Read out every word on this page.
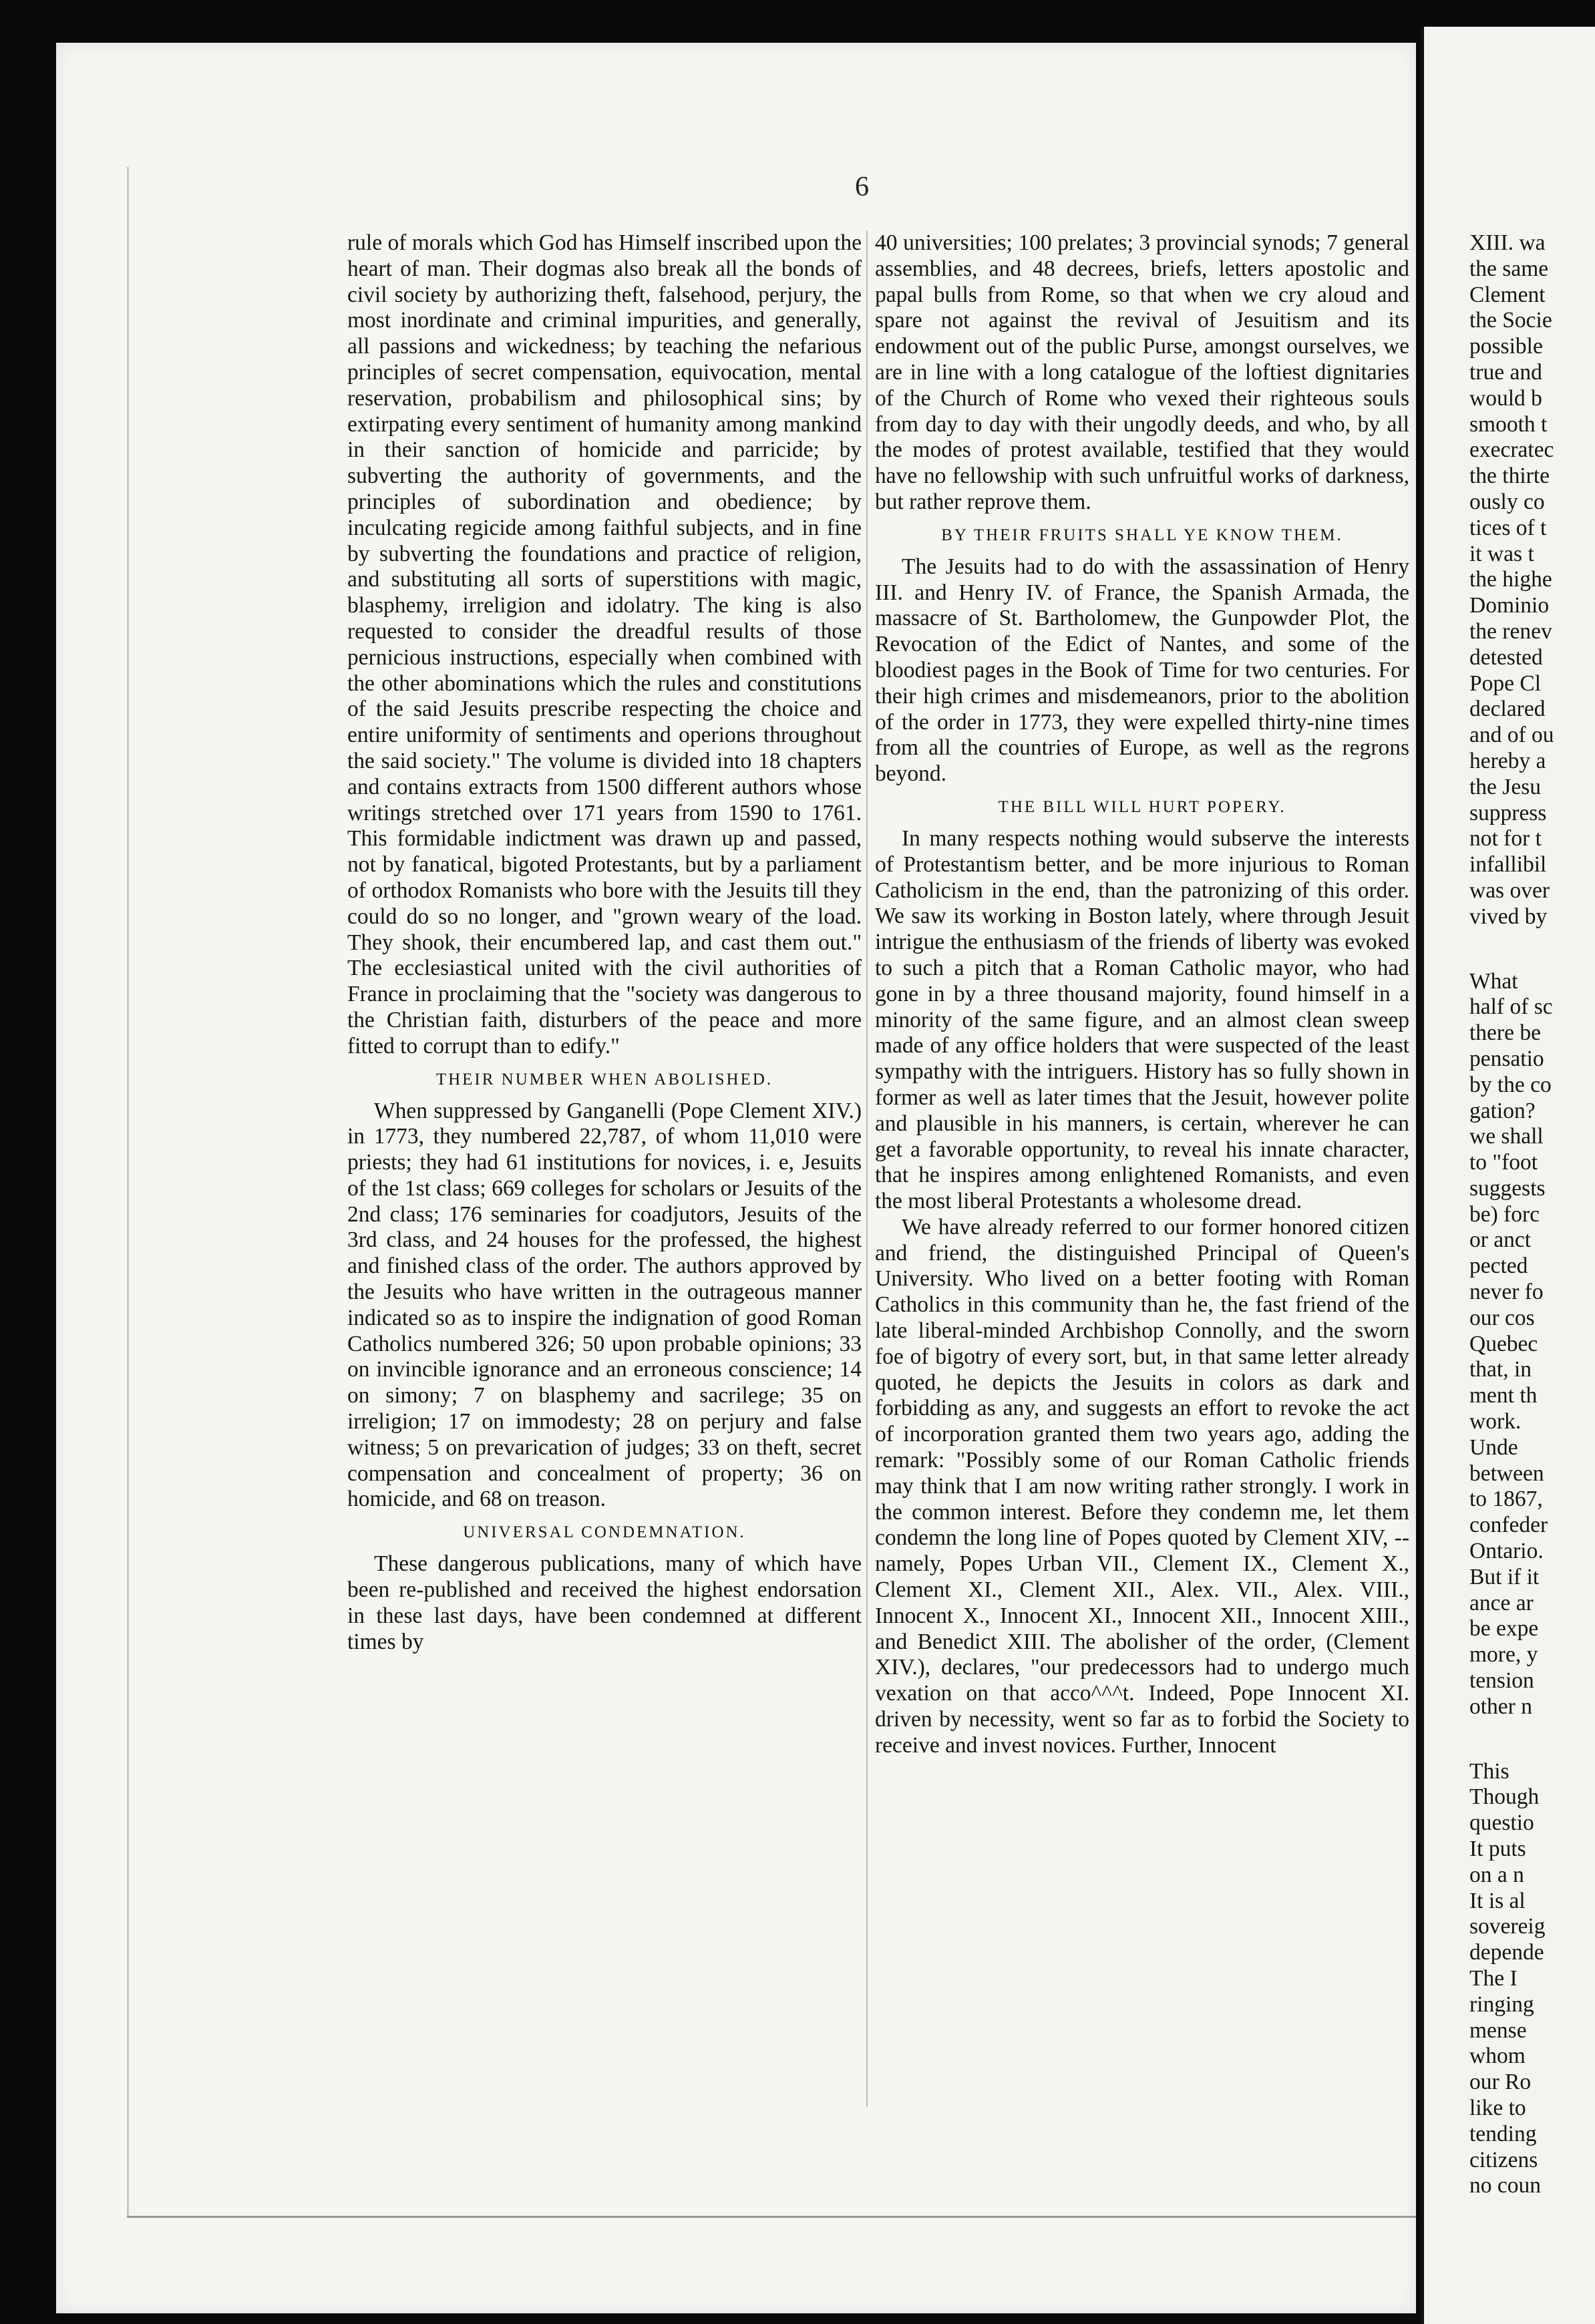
6

rule of morals which God has Himself inscribed upon the heart of man. Their dogmas also break all the bonds of civil society by authorizing theft, falsehood, perjury, the most inordinate and criminal impurities, and generally, all passions and wickedness; by teaching the nefarious principles of secret compensation, equivocation, mental reservation, probabilism and philosophical sins; by extirpating every sentiment of humanity among mankind in their sanction of homicide and parricide; by subverting the authority of governments, and the principles of subordination and obedience; by inculcating regicide among faithful subjects, and in fine by subverting the foundations and practice of religion, and substituting all sorts of superstitions with magic, blasphemy, irreligion and idolatry. The king is also requested to consider the dreadful results of those pernicious instructions, especially when combined with the other abominations which the rules and constitutions of the said Jesuits prescribe respecting the choice and entire uniformity of sentiments and operions throughout the said society." The volume is divided into 18 chapters and contains extracts from 1500 different authors whose writings stretched over 171 years from 1590 to 1761. This formidable indictment was drawn up and passed, not by fanatical, bigoted Protestants, but by a parliament of orthodox Romanists who bore with the Jesuits till they could do so no longer, and "grown weary of the load. They shook, their encumbered lap, and cast them out." The ecclesiastical united with the civil authorities of France in proclaiming that the "society was dangerous to the Christian faith, disturbers of the peace and more fitted to corrupt than to edify."

THEIR NUMBER WHEN ABOLISHED.

When suppressed by Ganganelli (Pope Clement XIV.) in 1773, they numbered 22,787, of whom 11,010 were priests; they had 61 institutions for novices, i. e, Jesuits of the 1st class; 669 colleges for scholars or Jesuits of the 2nd class; 176 seminaries for coadjutors, Jesuits of the 3rd class, and 24 houses for the professed, the highest and finished class of the order. The authors approved by the Jesuits who have written in the outrageous manner indicated so as to inspire the indignation of good Roman Catholics numbered 326; 50 upon probable opinions; 33 on invincible ignorance and an erroneous conscience; 14 on simony; 7 on blasphemy and sacrilege; 35 on irreligion; 17 on immodesty; 28 on perjury and false witness; 5 on prevarication of judges; 33 on theft, secret compensation and concealment of property; 36 on homicide, and 68 on treason.

UNIVERSAL CONDEMNATION.

These dangerous publications, many of which have been re-published and received the highest endorsation in these last days, have been condemned at different times by

40 universities; 100 prelates; 3 provincial synods; 7 general assemblies, and 48 decrees, briefs, letters apostolic and papal bulls from Rome, so that when we cry aloud and spare not against the revival of Jesuitism and its endowment out of the public Purse, amongst ourselves, we are in line with a long catalogue of the loftiest dignitaries of the Church of Rome who vexed their righteous souls from day to day with their ungodly deeds, and who, by all the modes of protest available, testified that they would have no fellowship with such unfruitful works of darkness, but rather reprove them.

BY THEIR FRUITS SHALL YE KNOW THEM.

The Jesuits had to do with the assassination of Henry III. and Henry IV. of France, the Spanish Armada, the massacre of St. Bartholomew, the Gunpowder Plot, the Revocation of the Edict of Nantes, and some of the bloodiest pages in the Book of Time for two centuries. For their high crimes and misdemeanors, prior to the abolition of the order in 1773, they were expelled thirty-nine times from all the countries of Europe, as well as the regrons beyond.

THE BILL WILL HURT POPERY.

In many respects nothing would subserve the interests of Protestantism better, and be more injurious to Roman Catholicism in the end, than the patronizing of this order. We saw its working in Boston lately, where through Jesuit intrigue the enthusiasm of the friends of liberty was evoked to such a pitch that a Roman Catholic mayor, who had gone in by a three thousand majority, found himself in a minority of the same figure, and an almost clean sweep made of any office holders that were suspected of the least sympathy with the intriguers. History has so fully shown in former as well as later times that the Jesuit, however polite and plausible in his manners, is certain, wherever he can get a favorable opportunity, to reveal his innate character, that he inspires among enlightened Romanists, and even the most liberal Protestants a wholesome dread.

We have already referred to our former honored citizen and friend, the distinguished Principal of Queen's University. Who lived on a better footing with Roman Catholics in this community than he, the fast friend of the late liberal-minded Archbishop Connolly, and the sworn foe of bigotry of every sort, but, in that same letter already quoted, he depicts the Jesuits in colors as dark and forbidding as any, and suggests an effort to revoke the act of incorporation granted them two years ago, adding the remark: "Possibly some of our Roman Catholic friends may think that I am now writing rather strongly. I work in the common interest. Before they condemn me, let them condemn the long line of Popes quoted by Clement XIV, --namely, Popes Urban VII., Clement IX., Clement X., Clement XI., Clement XII., Alex. VII., Alex. VIII., Innocent X., Innocent XI., Innocent XII., Innocent XIII., and Benedict XIII. The abolisher of the order, (Clement XIV.), declares, "our predecessors had to undergo much vexation on that acco^^^t. Indeed, Pope Innocent XI. driven by necessity, went so far as to forbid the Society to receive and invest novices. Further, Innocent

XIII. wa
the same
Clement
the Socie
possible
true and
would b
smooth t
execratec
the thirte
ously co
tices of t
it was t
the highe
Dominio
the renev
detested
Pope Cl
declared
and of ou
hereby a
the Jesu
suppress
not for t
infallibil
was over
vived by
What
half of sc
there be
pensatio
by the co
gation?
we shall
to "foot
suggests
be) forc
or anct
pected
never fo
our cos
Quebec
that, in
ment th
work.
Unde
between
to 1867,
confeder
Ontario.
But if it
ance ar
be expe
more, y
tension
other n
This
Though
questio
It puts
on a n
It is al
sovereig
depende
The I
ringing
mense
whom
our Ro
like to
tending
citizens
no coun
